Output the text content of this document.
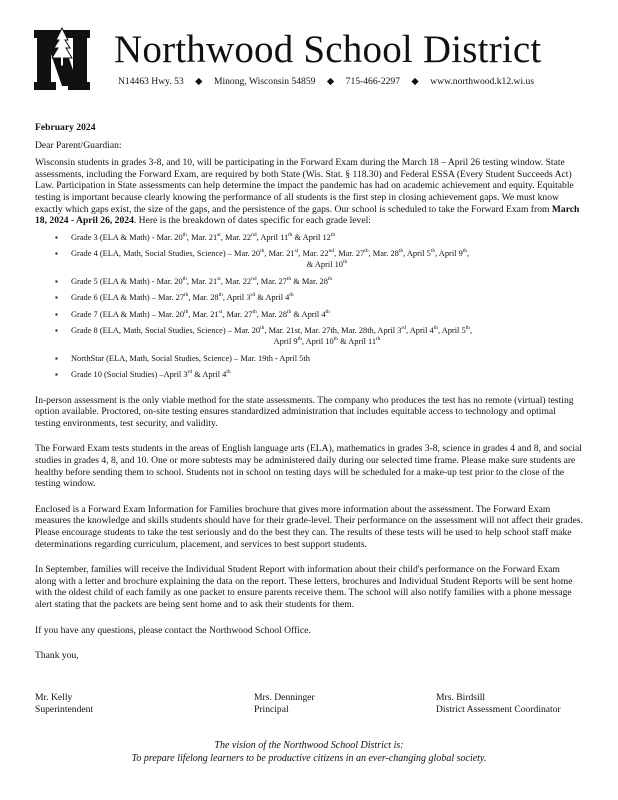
Northwood School District
N14463 Hwy. 53 ◆ Minong, Wisconsin 54859 ◆ 715-466-2297 ◆ www.northwood.k12.wi.us

February 2024

Dear Parent/Guardian:

Wisconsin students in grades 3-8, and 10, will be participating in the Forward Exam during the March 18 – April 26 testing window. State assessments, including the Forward Exam, are required by both State (Wis. Stat. § 118.30) and Federal ESSA (Every Student Succeeds Act) Law. Participation in State assessments can help determine the impact the pandemic has had on academic achievement and equity. Equitable testing is important because clearly knowing the performance of all students is the first step in closing achievement gaps. We must know exactly which gaps exist, the size of the gaps, and the persistence of the gaps. Our school is scheduled to take the Forward Exam from March 18, 2024 - April 26, 2024. Here is the breakdown of dates specific for each grade level:

▪ Grade 3 (ELA & Math) - Mar. 20th, Mar. 21st, Mar. 22nd, April 11th & April 12th
▪ Grade 4 (ELA, Math, Social Studies, Science) – Mar. 20th, Mar. 21st, Mar. 22nd, Mar. 27th, Mar. 28th, April 5th, April 9th,
& April 10th
▪ Grade 5 (ELA & Math) - Mar. 20th, Mar. 21st, Mar. 22nd, Mar. 27th & Mar. 28th
▪ Grade 6 (ELA & Math) – Mar. 27th, Mar. 28th, April 3rd & April 4th
▪ Grade 7 (ELA & Math) – Mar. 20th, Mar. 21st, Mar. 27th, Mar. 28th & April 4th
▪ Grade 8 (ELA, Math, Social Studies, Science) – Mar. 20th, Mar. 21st, Mar. 27th, Mar. 28th, April 3rd, April 4th, April 5th,
April 9th, April 10th & April 11th
▪ NorthStar (ELA, Math, Social Studies, Science) – Mar. 19th - April 5th
▪ Grade 10 (Social Studies) –April 3rd & April 4th

In-person assessment is the only viable method for the state assessments. The company who produces the test has no remote (virtual) testing option available. Proctored, on-site testing ensures standardized administration that includes equitable access to technology and optimal testing environments, test security, and validity.

The Forward Exam tests students in the areas of English language arts (ELA), mathematics in grades 3-8, science in grades 4 and 8, and social studies in grades 4, 8, and 10. One or more subtests may be administered daily during our selected time frame. Please make sure students are healthy before sending them to school. Students not in school on testing days will be scheduled for a make-up test prior to the close of the testing window.

Enclosed is a Forward Exam Information for Families brochure that gives more information about the assessment. The Forward Exam measures the knowledge and skills students should have for their grade-level. Their performance on the assessment will not affect their grades. Please encourage students to take the test seriously and do the best they can. The results of these tests will be used to help school staff make determinations regarding curriculum, placement, and services to best support students.

In September, families will receive the Individual Student Report with information about their child's performance on the Forward Exam along with a letter and brochure explaining the data on the report. These letters, brochures and Individual Student Reports will be sent home with the oldest child of each family as one packet to ensure parents receive them. The school will also notify families with a phone message alert stating that the packets are being sent home and to ask their students for them.

If you have any questions, please contact the Northwood School Office.

Thank you,

Mr. Kelly
Superintendent
Mrs. Denninger
Principal
Mrs. Birdsill
District Assessment Coordinator
The vision of the Northwood School District is:
To prepare lifelong learners to be productive citizens in an ever-changing global society.
